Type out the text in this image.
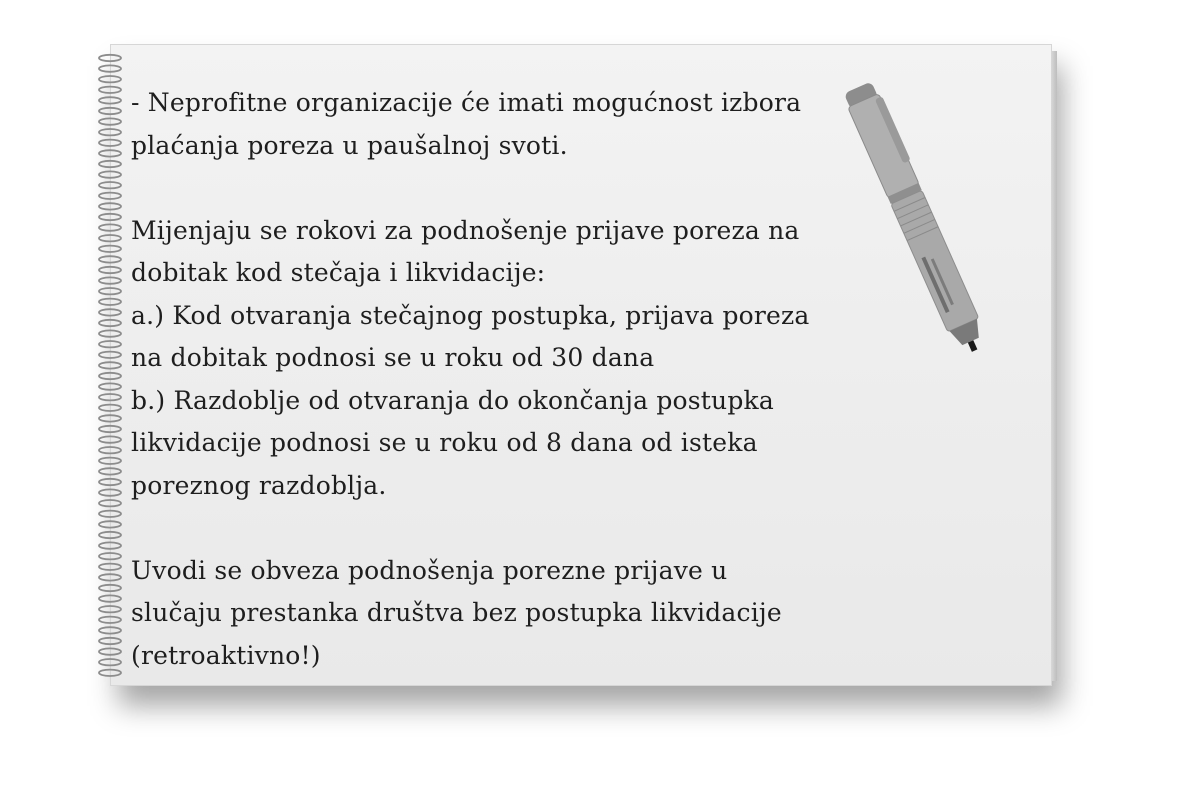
- Neprofitne organizacije će imati mogućnost izbora
plaćanja poreza u paušalnoj svoti.

Mijenjaju se rokovi za podnošenje prijave poreza na
dobitak kod stečaja i likvidacije:
a.) Kod otvaranja stečajnog postupka, prijava poreza
na dobitak podnosi se u roku od 30 dana
b.) Razdoblje od otvaranja do okončanja postupka
likvidacije podnosi se u roku od 8 dana od isteka
poreznog razdoblja.

Uvodi se obveza podnošenja porezne prijave u
slučaju prestanka društva bez postupka likvidacije
(retroaktivno!)
